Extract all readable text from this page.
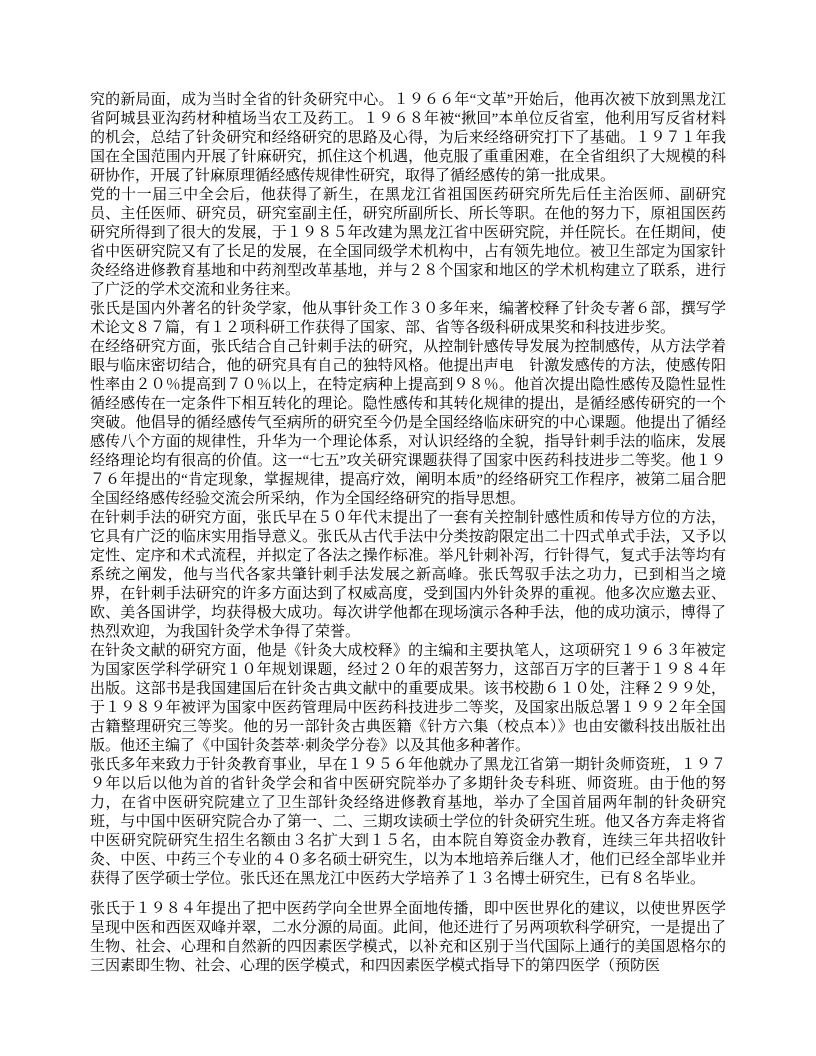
究的新局面，成为当时全省的针灸研究中心。１９６６年“文革”开始后，他再次被下放到黑龙江省阿城县亚沟药材种植场当农工及药工。１９６８年被“揪回”本单位反省室，他利用写反省材料的机会，总结了针灸研究和经络研究的思路及心得，为后来经络研究打下了基础。１９７１年我国在全国范围内开展了针麻研究，抓住这个机遇，他克服了重重困难，在全省组织了大规模的科研协作，开展了针麻原理循经感传规律性研究，取得了循经感传的第一批成果。

党的十一届三中全会后，他获得了新生，在黑龙江省祖国医药研究所先后任主治医师、副研究员、主任医师、研究员，研究室副主任，研究所副所长、所长等职。在他的努力下，原祖国医药研究所得到了很大的发展，于１９８５年改建为黑龙江省中医研究院，并任院长。在任期间，使省中医研究院又有了长足的发展，在全国同级学术机构中，占有领先地位。被卫生部定为国家针灸经络进修教育基地和中药剂型改革基地，并与２８个国家和地区的学术机构建立了联系，进行了广泛的学术交流和业务往来。

张氏是国内外著名的针灸学家，他从事针灸工作３０多年来，编著校释了针灸专著６部，撰写学术论文８７篇，有１２项科研工作获得了国家、部、省等各级科研成果奖和科技进步奖。

在经络研究方面，张氏结合自己针刺手法的研究，从控制针感传导发展为控制感传，从方法学着眼与临床密切结合，他的研究具有自己的独特风格。他提出声电　针激发感传的方法，使感传阳性率由２０％提高到７０％以上，在特定病种上提高到９８％。他首次提出隐性感传及隐性显性循经感传在一定条件下相互转化的理论。隐性感传和其转化规律的提出，是循经感传研究的一个突破。他倡导的循经感传气至病所的研究至今仍是全国经络临床研究的中心课题。他提出了循经感传八个方面的规律性，升华为一个理论体系，对认识经络的全貌，指导针刺手法的临床，发展经络理论均有很高的价值。这一“七五”攻关研究课题获得了国家中医药科技进步二等奖。他１９７６年提出的“肯定现象，掌握规律，提高疗效，阐明本质”的经络研究工作程序，被第二届合肥全国经络感传经验交流会所采纳，作为全国经络研究的指导思想。

在针刺手法的研究方面，张氏早在５０年代末提出了一套有关控制针感性质和传导方位的方法，它具有广泛的临床实用指导意义。张氏从古代手法中分类按韵限定出二十四式单式手法，又予以定性、定序和术式流程，并拟定了各法之操作标准。举凡针刺补泻，行针得气，复式手法等均有系统之阐发，他与当代各家共肇针刺手法发展之新高峰。张氏驾驭手法之功力，已到相当之境界，在针刺手法研究的许多方面达到了权威高度，受到国内外针灸界的重视。他多次应邀去亚、欧、美各国讲学，均获得极大成功。每次讲学他都在现场演示各种手法，他的成功演示，博得了热烈欢迎，为我国针灸学术争得了荣誉。

在针灸文献的研究方面，他是《针灸大成校释》的主编和主要执笔人，这项研究１９６３年被定为国家医学科学研究１０年规划课题，经过２０年的艰苦努力，这部百万字的巨著于１９８４年出版。这部书是我国建国后在针灸古典文献中的重要成果。该书校勘６１０处，注释２９９处，于１９８９年被评为国家中医药管理局中医药科技进步二等奖，及国家出版总署１９９２年全国古籍整理研究三等奖。他的另一部针灸古典医籍《针方六集（校点本）》也由安徽科技出版社出版。他还主编了《中国针灸荟萃·刺灸学分卷》以及其他多种著作。

张氏多年来致力于针灸教育事业，早在１９５６年他就办了黑龙江省第一期针灸师资班，１９７９年以后以他为首的省针灸学会和省中医研究院举办了多期针灸专科班、师资班。由于他的努力，在省中医研究院建立了卫生部针灸经络进修教育基地，举办了全国首届两年制的针灸研究班，与中国中医研究院合办了第一、二、三期攻读硕士学位的针灸研究生班。他又各方奔走将省中医研究院研究生招生名额由３名扩大到１５名，由本院自筹资金办教育，连续三年共招收针灸、中医、中药三个专业的４０多名硕士研究生，以为本地培养后继人才，他们已经全部毕业并获得了医学硕士学位。张氏还在黑龙江中医药大学培养了１３名博士研究生，已有８名毕业。

张氏于１９８４年提出了把中医药学向全世界全面地传播，即中医世界化的建议，以使世界医学呈现中医和西医双峰并翠，二水分源的局面。此间，他还进行了另两项软科学研究，一是提出了生物、社会、心理和自然新的四因素医学模式，以补充和区别于当代国际上通行的美国恩格尔的三因素即生物、社会、心理的医学模式，和四因素医学模式指导下的第四医学（预防医
